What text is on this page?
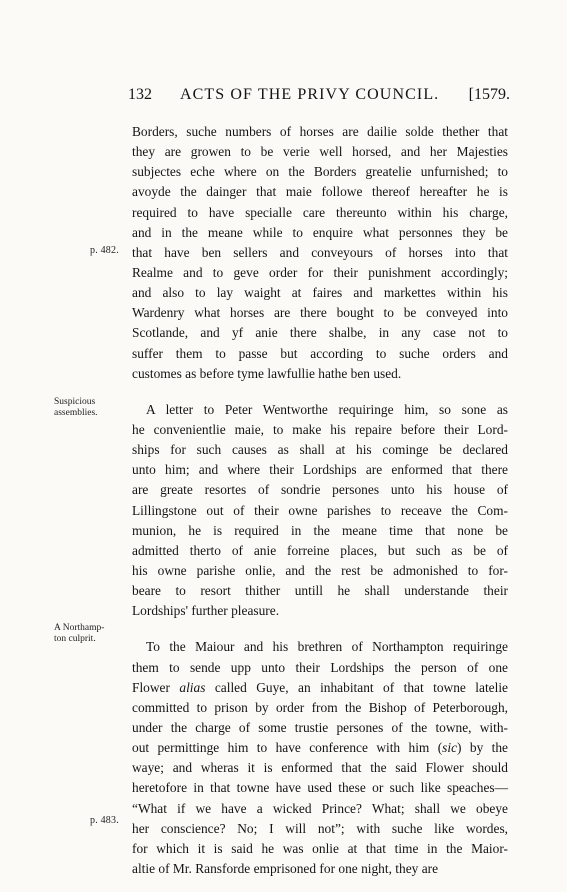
132 ACTS OF THE PRIVY COUNCIL. [1579.
Borders, suche numbers of horses are dailie solde thether that
they are growen to be verie well horsed, and her Majesties
subjectes eche where on the Borders greatelie unfurnished; to
avoyde the dainger that maie followe thereof hereafter he is
required to have specialle care thereunto within his charge,
and in the meane while to enquire what personnes they be
that have ben sellers and conveyours of horses into that
Realme and to geve order for their punishment accordingly;
and also to lay waight at faires and markettes within his
Wardenry what horses are there bought to be conveyed into
Scotlande, and yf anie there shalbe, in any case not to
suffer them to passe but according to suche orders and
customes as before tyme lawfullie hathe ben used.
A letter to Peter Wentworthe requiringe him, so sone as
he convenientlie maie, to make his repaire before their Lord-
ships for such causes as shall at his cominge be declared
unto him; and where their Lordships are enformed that there
are greate resortes of sondrie persones unto his house of
Lillingstone out of their owne parishes to receave the Com-
munion, he is required in the meane time that none be
admitted therto of anie forreine places, but such as be of
his owne parishe onlie, and the rest be admonished to for-
beare to resort thither untill he shall understande their
Lordships' further pleasure.
To the Maiour and his brethren of Northampton requiringe
them to sende upp unto their Lordships the person of one
Flower alias called Guye, an inhabitant of that towne latelie
committed to prison by order from the Bishop of Peterborough,
under the charge of some trustie persones of the towne, with-
out permittinge him to have conference with him (sic) by the
waye; and wheras it is enformed that the said Flower should
heretofore in that towne have used these or such like speaches—
“What if we have a wicked Prince? What; shall we obeye
her conscience? No; I will not”; with suche like wordes,
for which it is said he was onlie at that time in the Maior-
altie of Mr. Ransforde emprisoned for one night, they are
p. 482.
Suspicious
assemblies.
A Northamp-
ton culprit.
p. 483.
